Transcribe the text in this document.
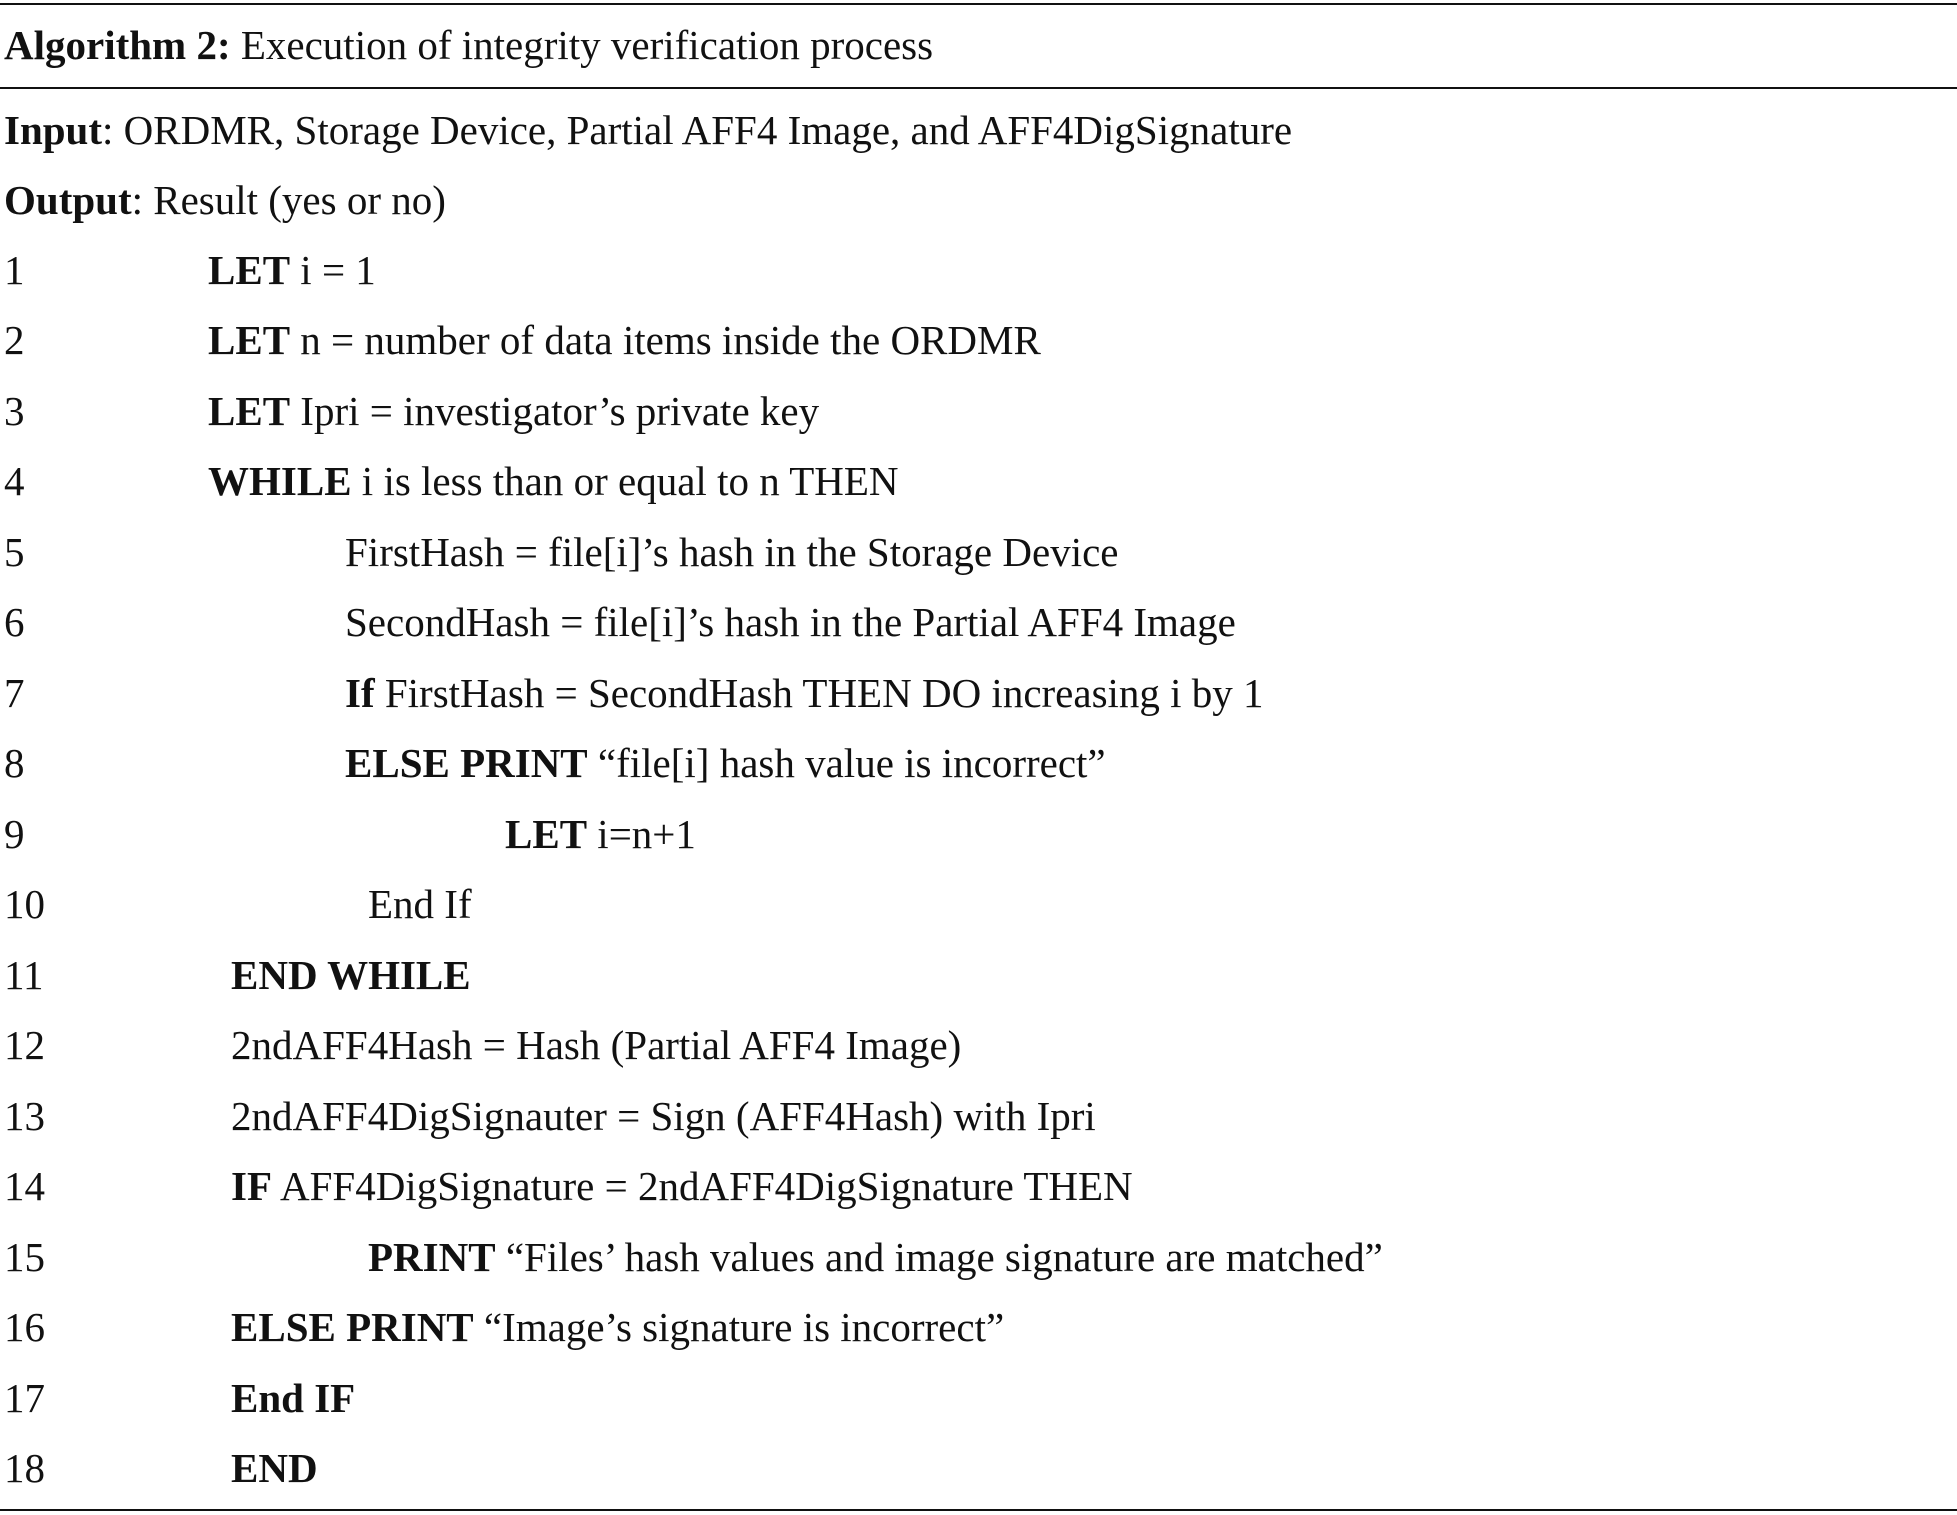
Algorithm 2: Execution of integrity verification process
Input: ORDMR, Storage Device, Partial AFF4 Image, and AFF4DigSignature
Output: Result (yes or no)
1	LET i = 1
2	LET n = number of data items inside the ORDMR
3	LET Ipri = investigator’s private key
4	WHILE i is less than or equal to n THEN
5	FirstHash = file[i]’s hash in the Storage Device
6	SecondHash = file[i]’s hash in the Partial AFF4 Image
7	If FirstHash = SecondHash THEN DO increasing i by 1
8	ELSE PRINT “file[i] hash value is incorrect”
9	LET i=n+1
10	End If
11	END WHILE
12	2ndAFF4Hash = Hash (Partial AFF4 Image)
13	2ndAFF4DigSignauter = Sign (AFF4Hash) with Ipri
14	IF AFF4DigSignature = 2ndAFF4DigSignature THEN
15	PRINT “Files’ hash values and image signature are matched”
16	ELSE PRINT “Image’s signature is incorrect”
17	End IF
18	END
